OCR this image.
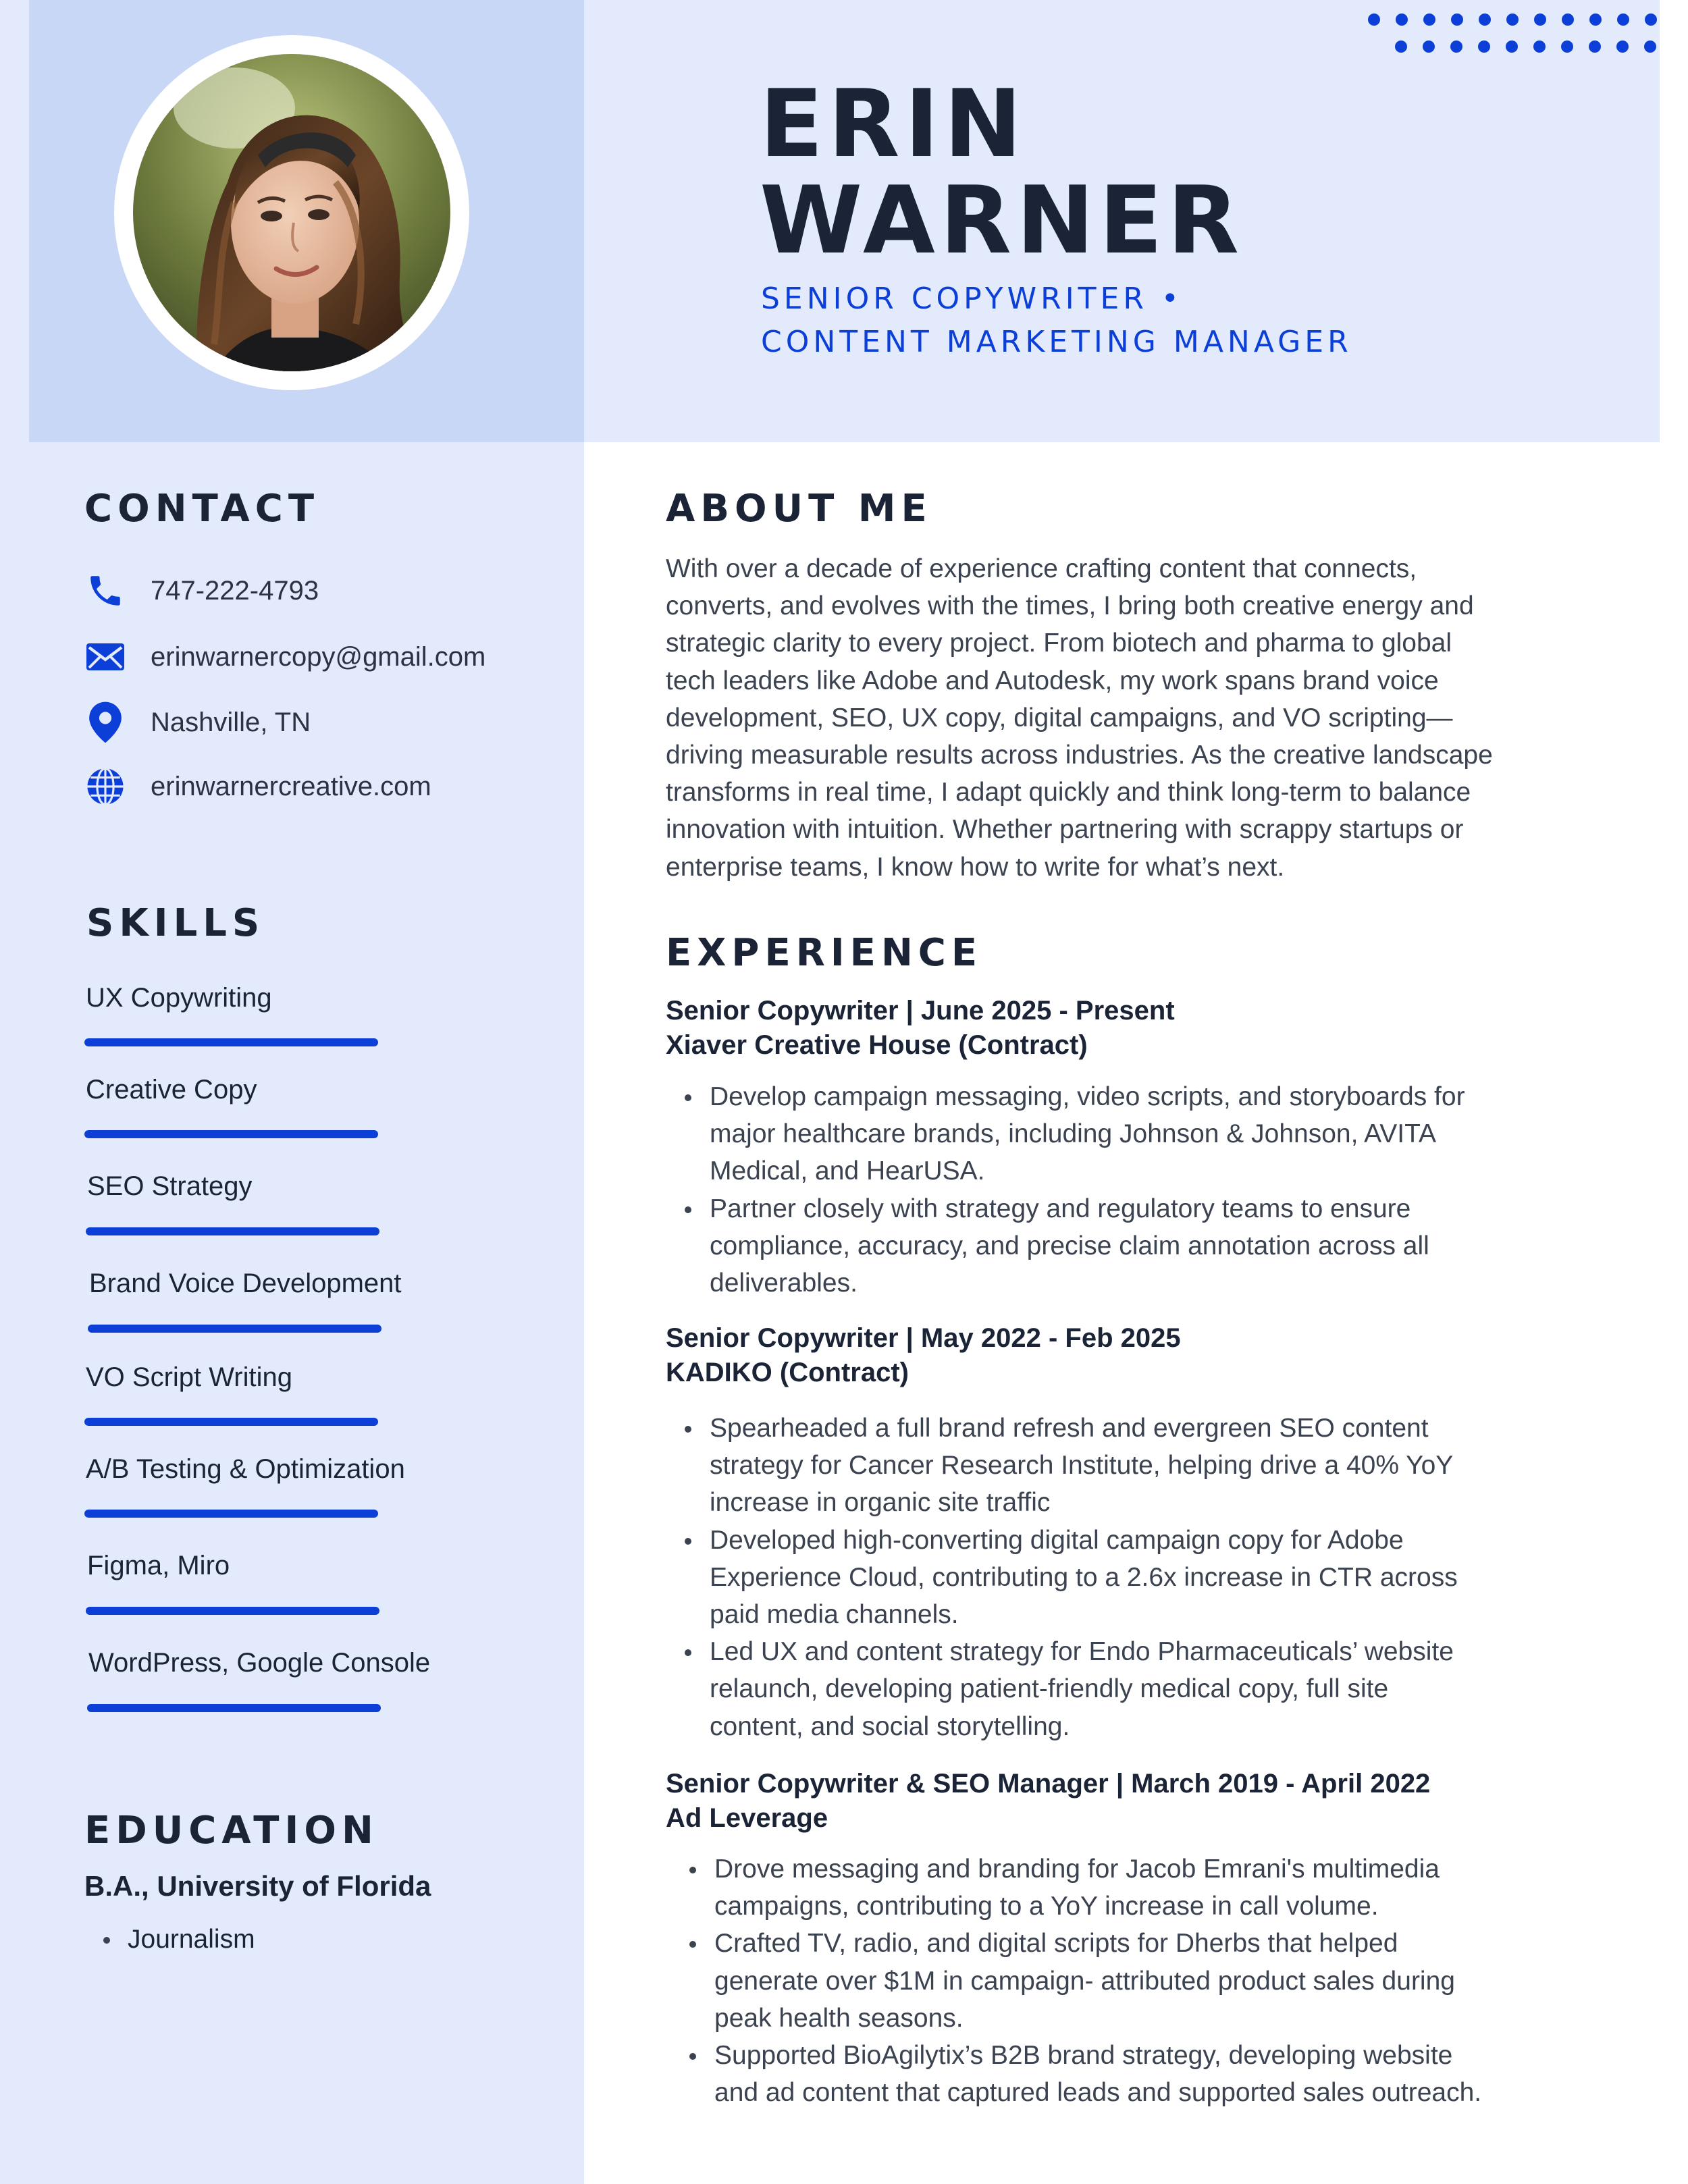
ERIN
WARNER
SENIOR COPYWRITER •
CONTENT MARKETING MANAGER
CONTACT
747-222-4793
erinwarnercopy@gmail.com
Nashville, TN
erinwarnercreative.com
SKILLS
UX Copywriting
Creative Copy
SEO Strategy
Brand Voice Development
VO Script Writing
A/B Testing & Optimization
Figma, Miro
WordPress, Google Console
EDUCATION
B.A., University of Florida
Journalism
ABOUT ME
With over a decade of experience crafting content that connects,
converts, and evolves with the times, I bring both creative energy and
strategic clarity to every project. From biotech and pharma to global
tech leaders like Adobe and Autodesk, my work spans brand voice
development, SEO, UX copy, digital campaigns, and VO scripting—
driving measurable results across industries. As the creative landscape
transforms in real time, I adapt quickly and think long-term to balance
innovation with intuition. Whether partnering with scrappy startups or
enterprise teams, I know how to write for what’s next.
EXPERIENCE
Senior Copywriter | June 2025 - Present
Xiaver Creative House (Contract)
Develop campaign messaging, video scripts, and storyboards for
major healthcare brands, including Johnson & Johnson, AVITA
Medical, and HearUSA.
Partner closely with strategy and regulatory teams to ensure
compliance, accuracy, and precise claim annotation across all
deliverables.
Senior Copywriter | May 2022 - Feb 2025
KADIKO (Contract)
Spearheaded a full brand refresh and evergreen SEO content
strategy for Cancer Research Institute, helping drive a 40% YoY
increase in organic site traffic
Developed high-converting digital campaign copy for Adobe
Experience Cloud, contributing to a 2.6x increase in CTR across
paid media channels.
Led UX and content strategy for Endo Pharmaceuticals’ website
relaunch, developing patient-friendly medical copy, full site
content, and social storytelling.
Senior Copywriter & SEO Manager | March 2019 - April 2022
Ad Leverage
Drove messaging and branding for Jacob Emrani's multimedia
campaigns, contributing to a YoY increase in call volume.
Crafted TV, radio, and digital scripts for Dherbs that helped
generate over $1M in campaign- attributed product sales during
peak health seasons.
Supported BioAgilytix’s B2B brand strategy, developing website
and ad content that captured leads and supported sales outreach.
